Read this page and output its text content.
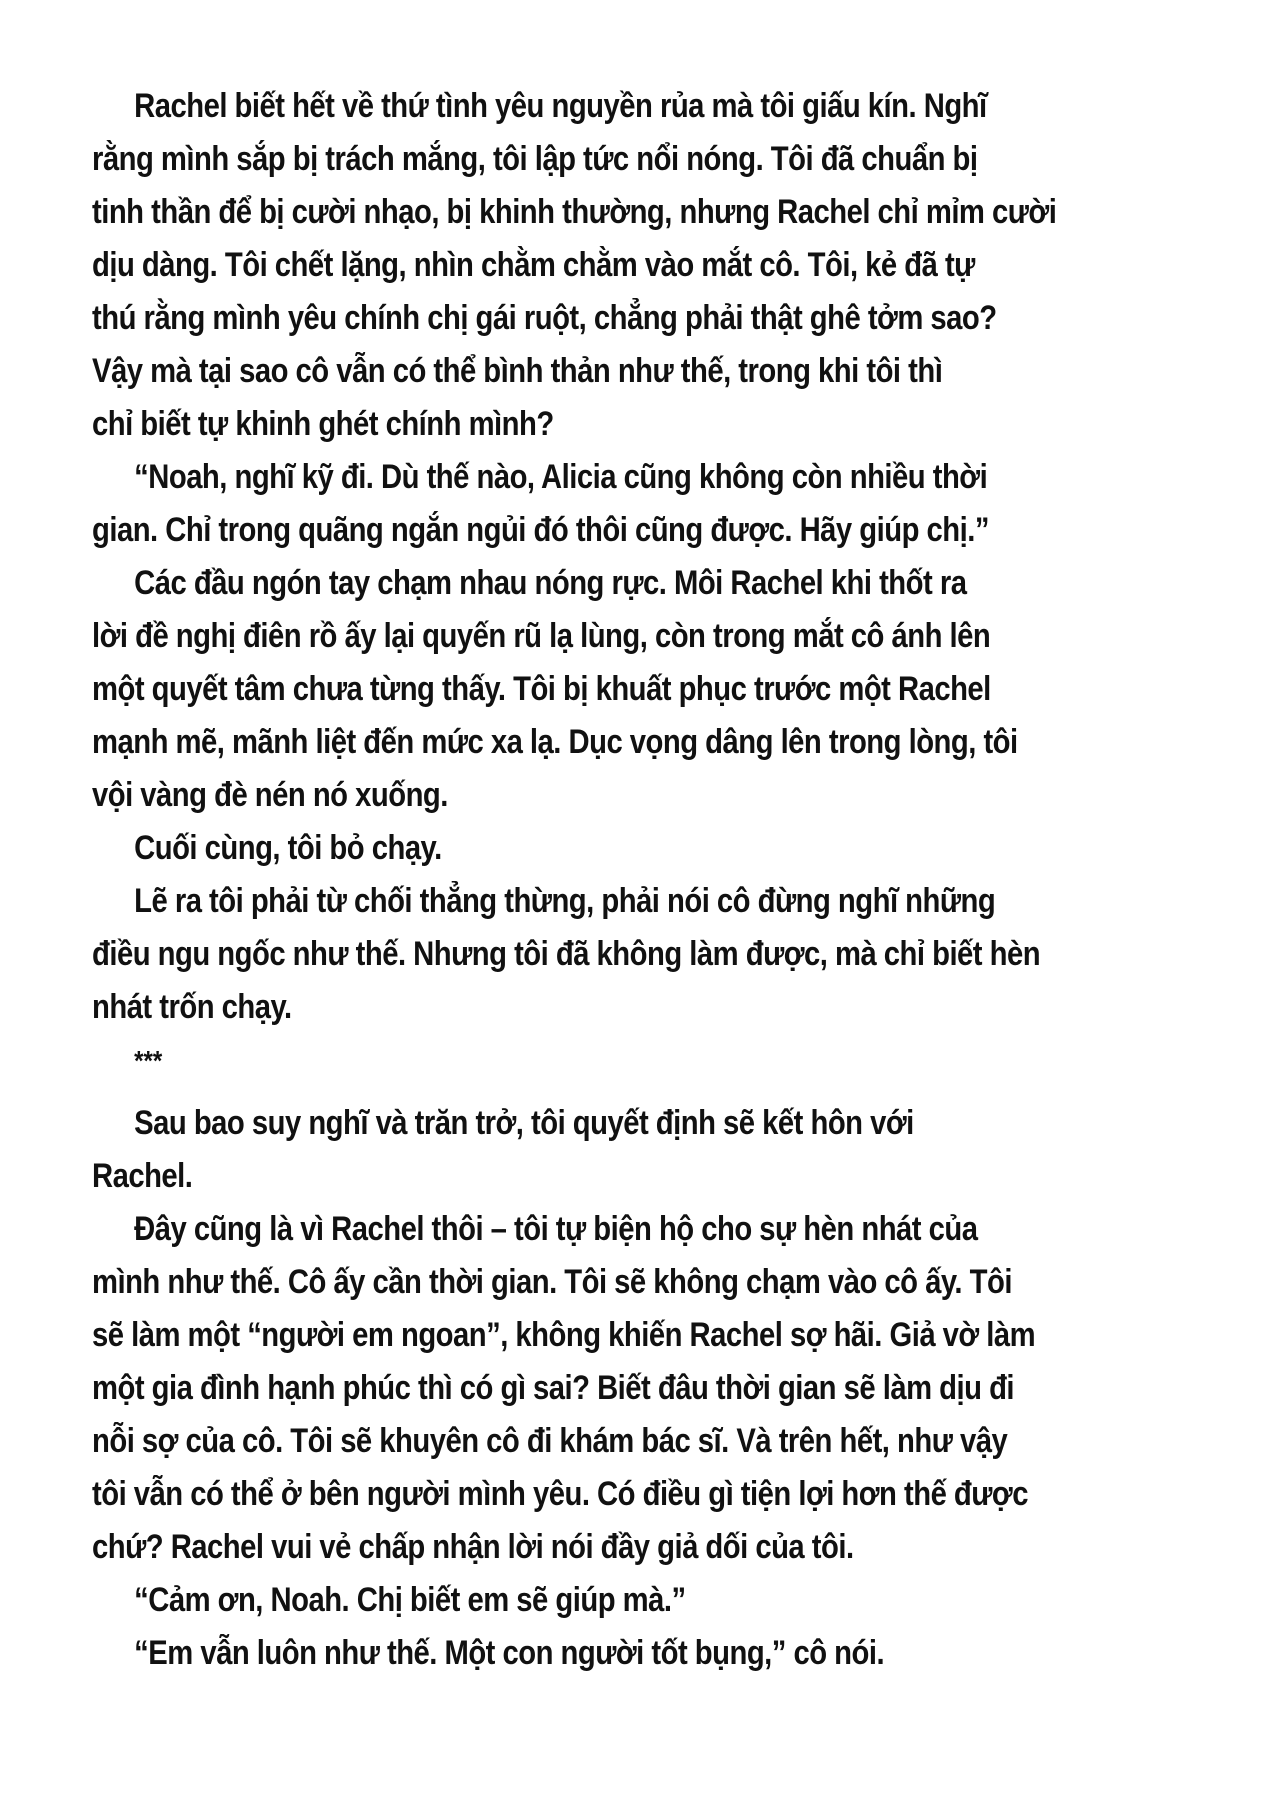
Rachel biết hết về thứ tình yêu nguyền rủa mà tôi giấu kín. Nghĩ
rằng mình sắp bị trách mắng, tôi lập tức nổi nóng. Tôi đã chuẩn bị
tinh thần để bị cười nhạo, bị khinh thường, nhưng Rachel chỉ mỉm cười
dịu dàng. Tôi chết lặng, nhìn chằm chằm vào mắt cô. Tôi, kẻ đã tự
thú rằng mình yêu chính chị gái ruột, chẳng phải thật ghê tởm sao?
Vậy mà tại sao cô vẫn có thể bình thản như thế, trong khi tôi thì
chỉ biết tự khinh ghét chính mình?
“Noah, nghĩ kỹ đi. Dù thế nào, Alicia cũng không còn nhiều thời
gian. Chỉ trong quãng ngắn ngủi đó thôi cũng được. Hãy giúp chị.”
Các đầu ngón tay chạm nhau nóng rực. Môi Rachel khi thốt ra
lời đề nghị điên rồ ấy lại quyến rũ lạ lùng, còn trong mắt cô ánh lên
một quyết tâm chưa từng thấy. Tôi bị khuất phục trước một Rachel
mạnh mẽ, mãnh liệt đến mức xa lạ. Dục vọng dâng lên trong lòng, tôi
vội vàng đè nén nó xuống.
Cuối cùng, tôi bỏ chạy.
Lẽ ra tôi phải từ chối thẳng thừng, phải nói cô đừng nghĩ những
điều ngu ngốc như thế. Nhưng tôi đã không làm được, mà chỉ biết hèn
nhát trốn chạy.
***
Sau bao suy nghĩ và trăn trở, tôi quyết định sẽ kết hôn với
Rachel.
Đây cũng là vì Rachel thôi – tôi tự biện hộ cho sự hèn nhát của
mình như thế. Cô ấy cần thời gian. Tôi sẽ không chạm vào cô ấy. Tôi
sẽ làm một “người em ngoan”, không khiến Rachel sợ hãi. Giả vờ làm
một gia đình hạnh phúc thì có gì sai? Biết đâu thời gian sẽ làm dịu đi
nỗi sợ của cô. Tôi sẽ khuyên cô đi khám bác sĩ. Và trên hết, như vậy
tôi vẫn có thể ở bên người mình yêu. Có điều gì tiện lợi hơn thế được
chứ? Rachel vui vẻ chấp nhận lời nói đầy giả dối của tôi.
“Cảm ơn, Noah. Chị biết em sẽ giúp mà.”
“Em vẫn luôn như thế. Một con người tốt bụng,” cô nói.
